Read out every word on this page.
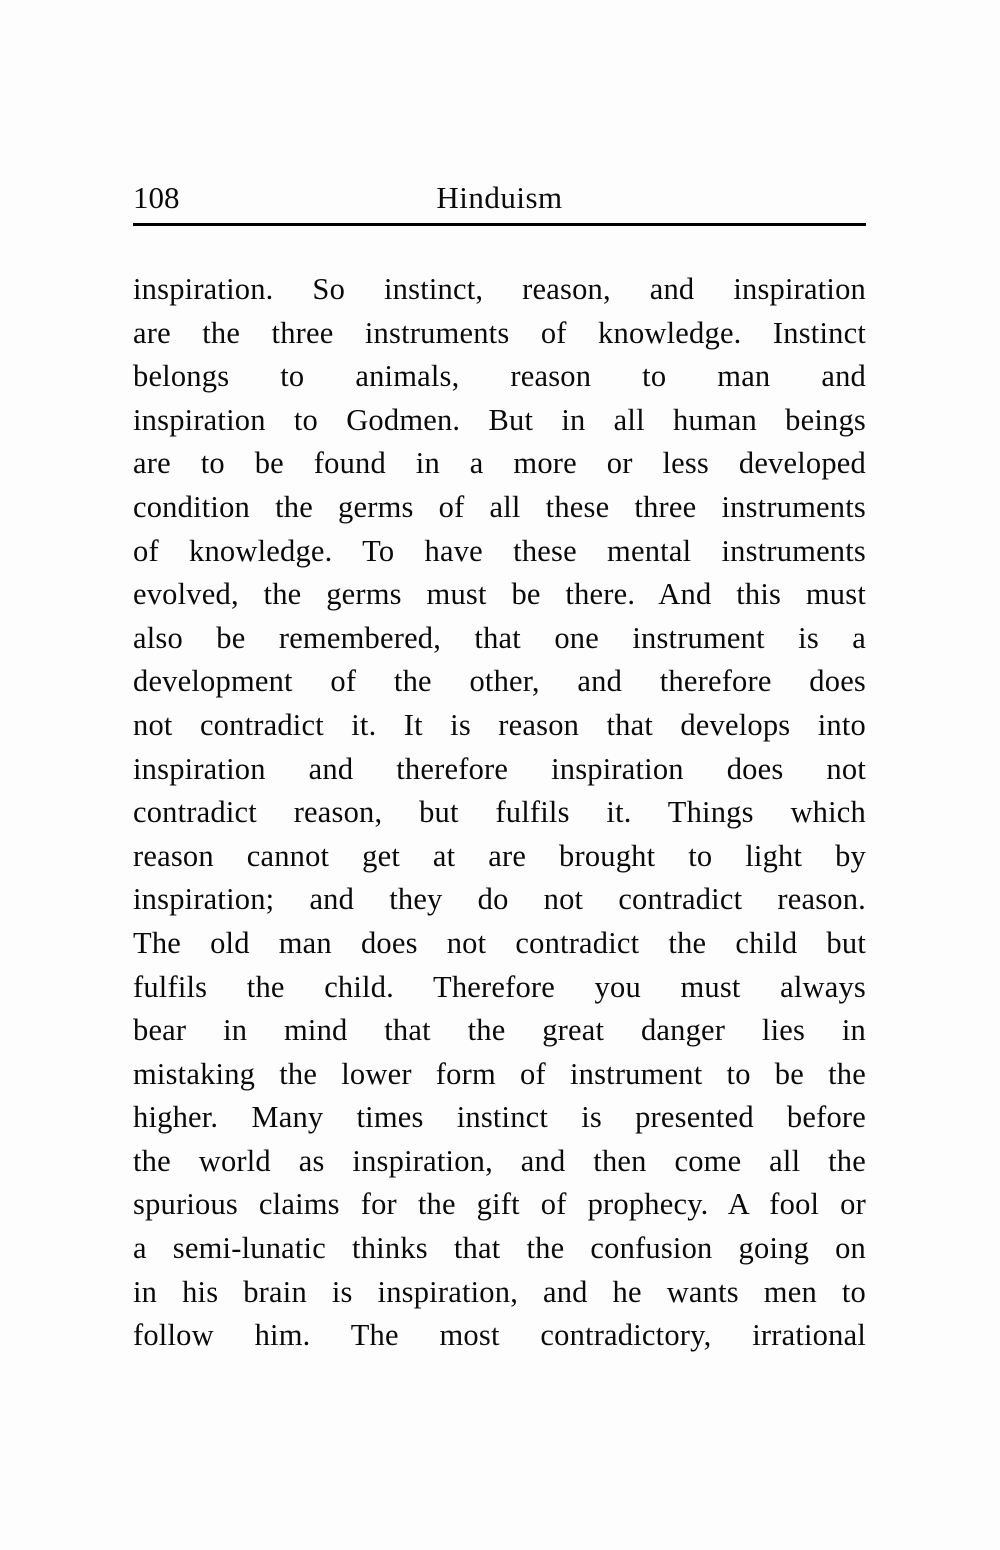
108	Hinduism
inspiration. So instinct, reason, and inspiration
are the three instruments of knowledge. Instinct
belongs to animals, reason to man and
inspiration to Godmen. But in all human beings
are to be found in a more or less developed
condition the germs of all these three instruments
of knowledge. To have these mental instruments
evolved, the germs must be there. And this must
also be remembered, that one instrument is a
development of the other, and therefore does
not contradict it. It is reason that develops into
inspiration and therefore inspiration does not
contradict reason, but fulfils it. Things which
reason cannot get at are brought to light by
inspiration; and they do not contradict reason.
The old man does not contradict the child but
fulfils the child. Therefore you must always
bear in mind that the great danger lies in
mistaking the lower form of instrument to be the
higher. Many times instinct is presented before
the world as inspiration, and then come all the
spurious claims for the gift of prophecy. A fool or
a semi-lunatic thinks that the confusion going on
in his brain is inspiration, and he wants men to
follow him. The most contradictory, irrational
